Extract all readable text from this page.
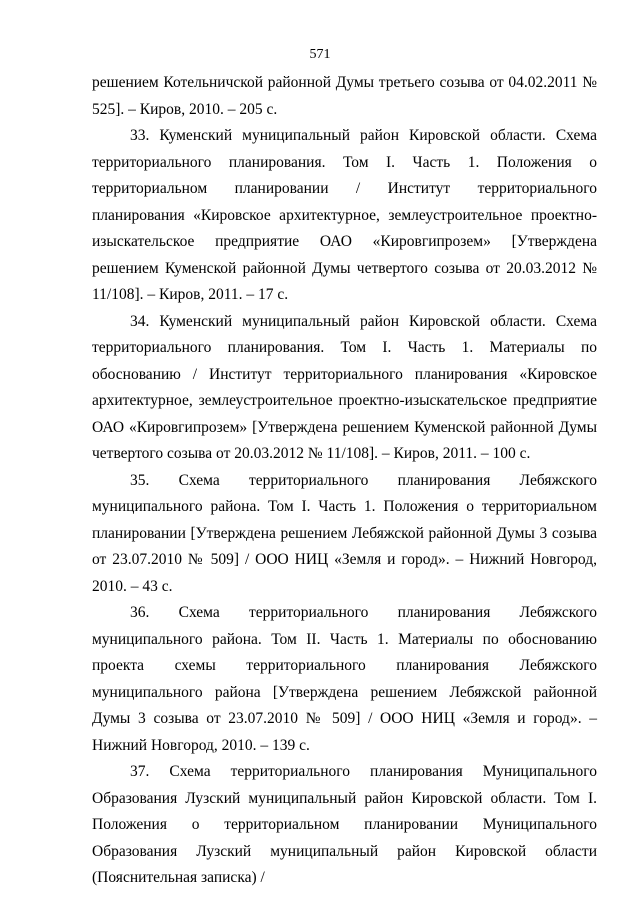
571

решением Котельничской районной Думы третьего созыва от 04.02.2011 № 525]. – Киров, 2010. – 205 с.

33. Куменский муниципальный район Кировской области. Схема территориального планирования. Том I. Часть 1. Положения о территориальном планировании / Институт территориального планирования «Кировское архитектурное, землеустроительное проектно-изыскательское предприятие ОАО «Кировгипрозем» [Утверждена решением Куменской районной Думы четвертого созыва от 20.03.2012 № 11/108]. – Киров, 2011. – 17 с.

34. Куменский муниципальный район Кировской области. Схема территориального планирования. Том I. Часть 1. Материалы по обоснованию / Институт территориального планирования «Кировское архитектурное, землеустроительное проектно-изыскательское предприятие ОАО «Кировгипрозем» [Утверждена решением Куменской районной Думы четвертого созыва от 20.03.2012 № 11/108]. – Киров, 2011. – 100 с.

35. Схема территориального планирования Лебяжского муниципального района. Том I. Часть 1. Положения о территориальном планировании [Утверждена решением Лебяжской районной Думы 3 созыва от 23.07.2010 № 509] / ООО НИЦ «Земля и город». – Нижний Новгород, 2010. – 43 с.

36. Схема территориального планирования Лебяжского муниципального района. Том II. Часть 1. Материалы по обоснованию проекта схемы территориального планирования Лебяжского муниципального района [Утверждена решением Лебяжской районной Думы 3 созыва от 23.07.2010 № 509] / ООО НИЦ «Земля и город». – Нижний Новгород, 2010. – 139 с.

37. Схема территориального планирования Муниципального Образования Лузский муниципальный район Кировской области. Том I. Положения о территориальном планировании Муниципального Образования Лузский муниципальный район Кировской области (Пояснительная записка) /
